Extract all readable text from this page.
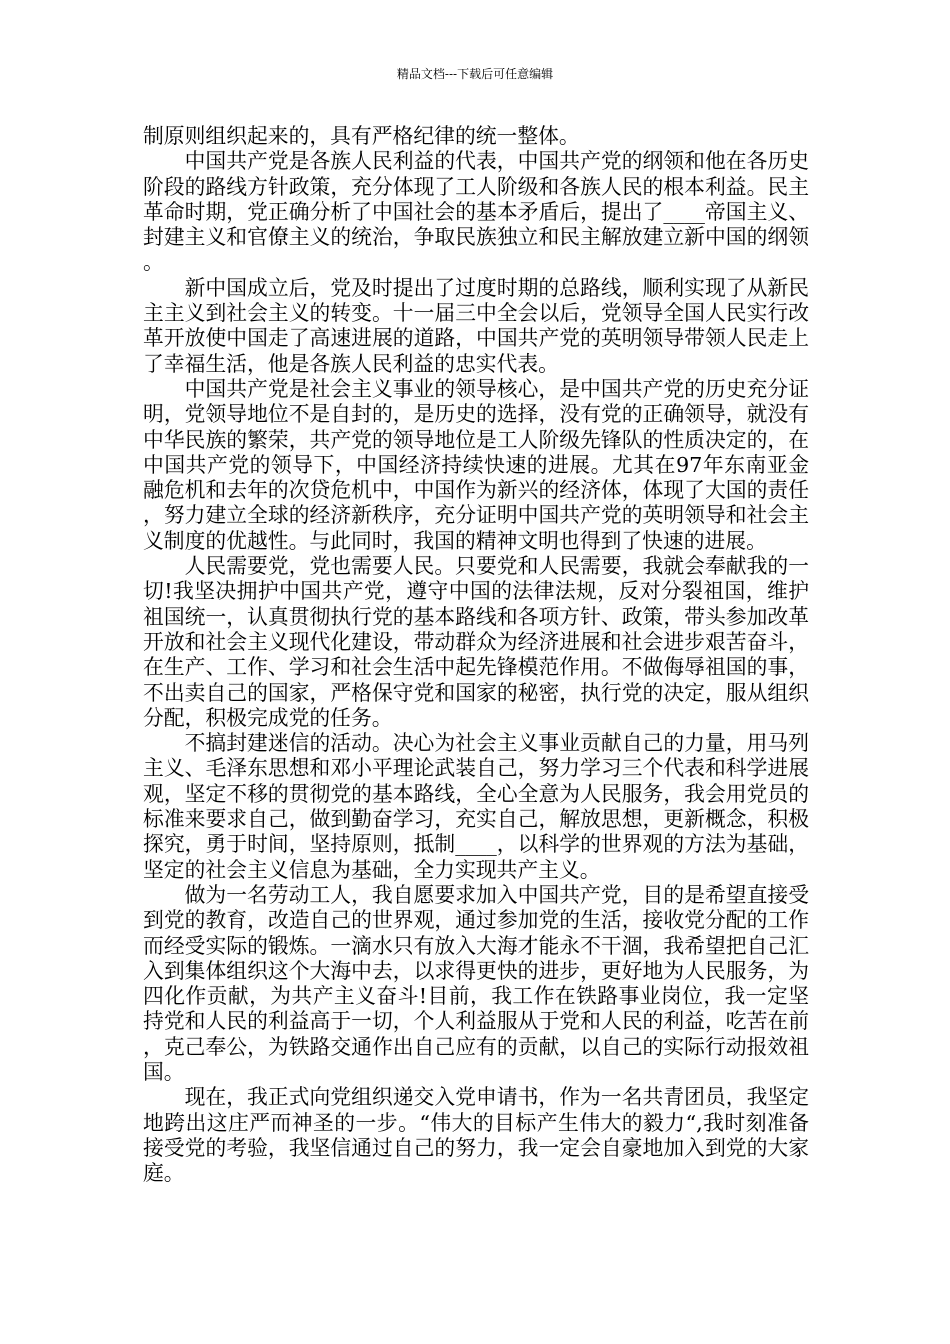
精品文档---下载后可任意编辑

制原则组织起来的，具有严格纪律的统一整体。

中国共产党是各族人民利益的代表，中国共产党的纲领和他在各历史阶段的路线方针政策，充分体现了工人阶级和各族人民的根本利益。民主革命时期，党正确分析了中国社会的基本矛盾后，提出了____帝国主义、封建主义和官僚主义的统治，争取民族独立和民主解放建立新中国的纲领。

新中国成立后，党及时提出了过度时期的总路线，顺利实现了从新民主主义到社会主义的转变。十一届三中全会以后，党领导全国人民实行改革开放使中国走了高速进展的道路，中国共产党的英明领导带领人民走上了幸福生活，他是各族人民利益的忠实代表。

中国共产党是社会主义事业的领导核心，是中国共产党的历史充分证明，党领导地位不是自封的，是历史的选择，没有党的正确领导，就没有中华民族的繁荣，共产党的领导地位是工人阶级先锋队的性质决定的，在中国共产党的领导下，中国经济持续快速的进展。尤其在97年东南亚金融危机和去年的次贷危机中，中国作为新兴的经济体，体现了大国的责任，努力建立全球的经济新秩序，充分证明中国共产党的英明领导和社会主义制度的优越性。与此同时，我国的精神文明也得到了快速的进展。

人民需要党，党也需要人民。只要党和人民需要，我就会奉献我的一切!我坚决拥护中国共产党，遵守中国的法律法规，反对分裂祖国，维护祖国统一，认真贯彻执行党的基本路线和各项方针、政策，带头参加改革开放和社会主义现代化建设，带动群众为经济进展和社会进步艰苦奋斗，在生产、工作、学习和社会生活中起先锋模范作用。不做侮辱祖国的事，不出卖自己的国家，严格保守党和国家的秘密，执行党的决定，服从组织分配，积极完成党的任务。

不搞封建迷信的活动。决心为社会主义事业贡献自己的力量，用马列主义、毛泽东思想和邓小平理论武装自己，努力学习三个代表和科学进展观，坚定不移的贯彻党的基本路线，全心全意为人民服务，我会用党员的标准来要求自己，做到勤奋学习，充实自己，解放思想，更新概念，积极探究，勇于时间，坚持原则，抵制____，以科学的世界观的方法为基础，坚定的社会主义信息为基础，全力实现共产主义。

做为一名劳动工人，我自愿要求加入中国共产党，目的是希望直接受到党的教育，改造自己的世界观，通过参加党的生活，接收党分配的工作而经受实际的锻炼。一滴水只有放入大海才能永不干涸，我希望把自己汇入到集体组织这个大海中去，以求得更快的进步，更好地为人民服务，为四化作贡献，为共产主义奋斗!目前，我工作在铁路事业岗位，我一定坚持党和人民的利益高于一切，个人利益服从于党和人民的利益，吃苦在前，克己奉公，为铁路交通作出自己应有的贡献，以自己的实际行动报效祖国。

现在，我正式向党组织递交入党申请书，作为一名共青团员，我坚定地跨出这庄严而神圣的一步。“伟大的目标产生伟大的毅力“,我时刻准备接受党的考验，我坚信通过自己的努力，我一定会自豪地加入到党的大家庭。
